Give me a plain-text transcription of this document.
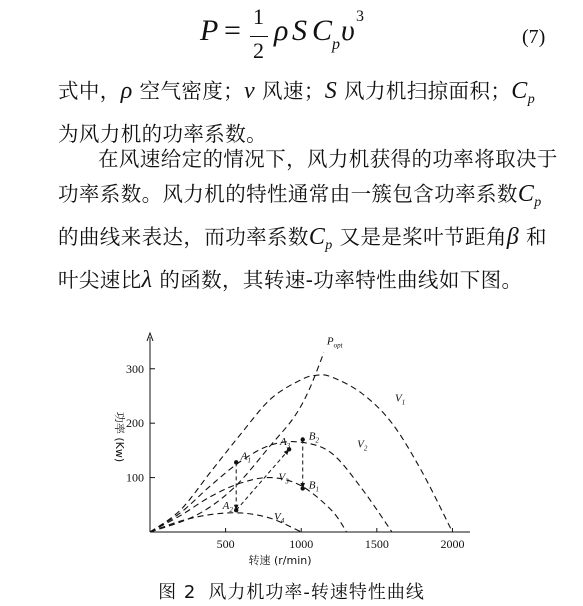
P = 1
2
ρ S C p υ 3
(7)
式中，ρ 空气密度；v 风速；S 风力机扫掠面积；$C_p$
为风力机的功率系数。
在风速给定的情况下，风力机获得的功率将取决于功率系数。风力机的特性通常由一簇包含功率系数$C_p$ 的曲线来表达，而功率系数$C_p$ 又是是桨叶节距角β 和叶尖速比λ 的函数，其转速-功率特性曲线如下图。
500	1000	1500	2000
100
200
300
转速 (r/min)
功率 (Kw)
$V_1$
$V_2$
$V_3$
$V_4$
$P_{opt}$
$A_1$
$A_2$
$A_3$
$B_1$
$B_2$
图 2 风力机功率-转速特性曲线
